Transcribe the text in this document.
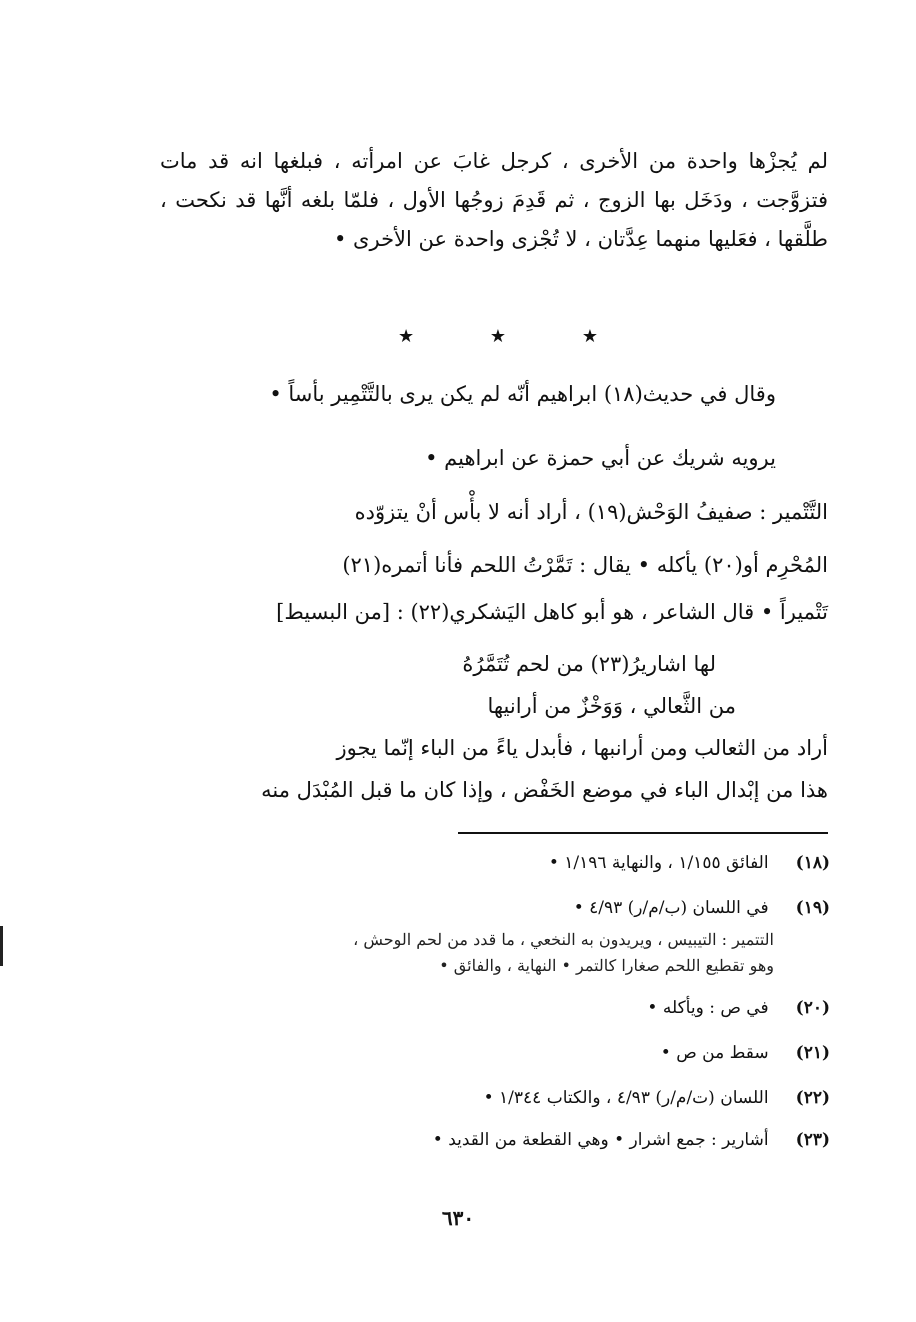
لم يُجزْها واحدة من الأخرى ، كرجل غابَ عن امرأته ، فبلغها انه قد مات فتزوَّجت ، ودَخَل بها الزوج ، ثم قَدِمَ زوجُها الأول ، فلمّا بلغه أنَّها قد نكحت ، طلَّقها ، فعَليها منهما عِدَّتان ، لا تُجْزى واحدة عن الأخرى •

★	★	★

وقال في حديث(١٨) ابراهيم أنّه لم يكن يرى بالتَّتْمِير بأساً •

يرويه شريك عن أبي حمزة عن ابراهيم •

التَّتْمير : صفيفُ الوَحْش(١٩) ، أراد أنه لا بأْس أنْ يتزوّده

المُحْرِم أو(٢٠) يأكله • يقال : تَمَّرْتُ اللحم فأنا أتمره(٢١)

تَتْميراً • قال الشاعر ، هو أبو كاهل اليَشكري(٢٢) : [من البسيط]

لها اشاريرُ(٢٣) من لحم تُتَمَّرُهُ

من الثَّعالي ، وَوَخْزٌ من أرانيها

أراد من الثعالب ومن أرانبها ، فأبدل ياءً من الباء إنّما يجوز

هذا من إبْدال الباء في موضع الخَفْض ، وإذا كان ما قبل المُبْدَل منه

(١٨) الفائق ١/١٥٥ ، والنهاية ١/١٩٦ •
(١٩) في اللسان (ب/م/ر) ٤/٩٣ •
التتمير : التيبيس ، ويريدون به النخعي ، ما قدد من لحم الوحش ،
وهو تقطيع اللحم صغارا كالتمر • النهاية ، والفائق •
(٢٠) في ص : ويأكله •
(٢١) سقط من ص •
(٢٢) اللسان (ت/م/ر) ٤/٩٣ ، والكتاب ١/٣٤٤ •
(٢٣) أشارير : جمع اشرار • وهي القطعة من القديد •
٦٣٠
